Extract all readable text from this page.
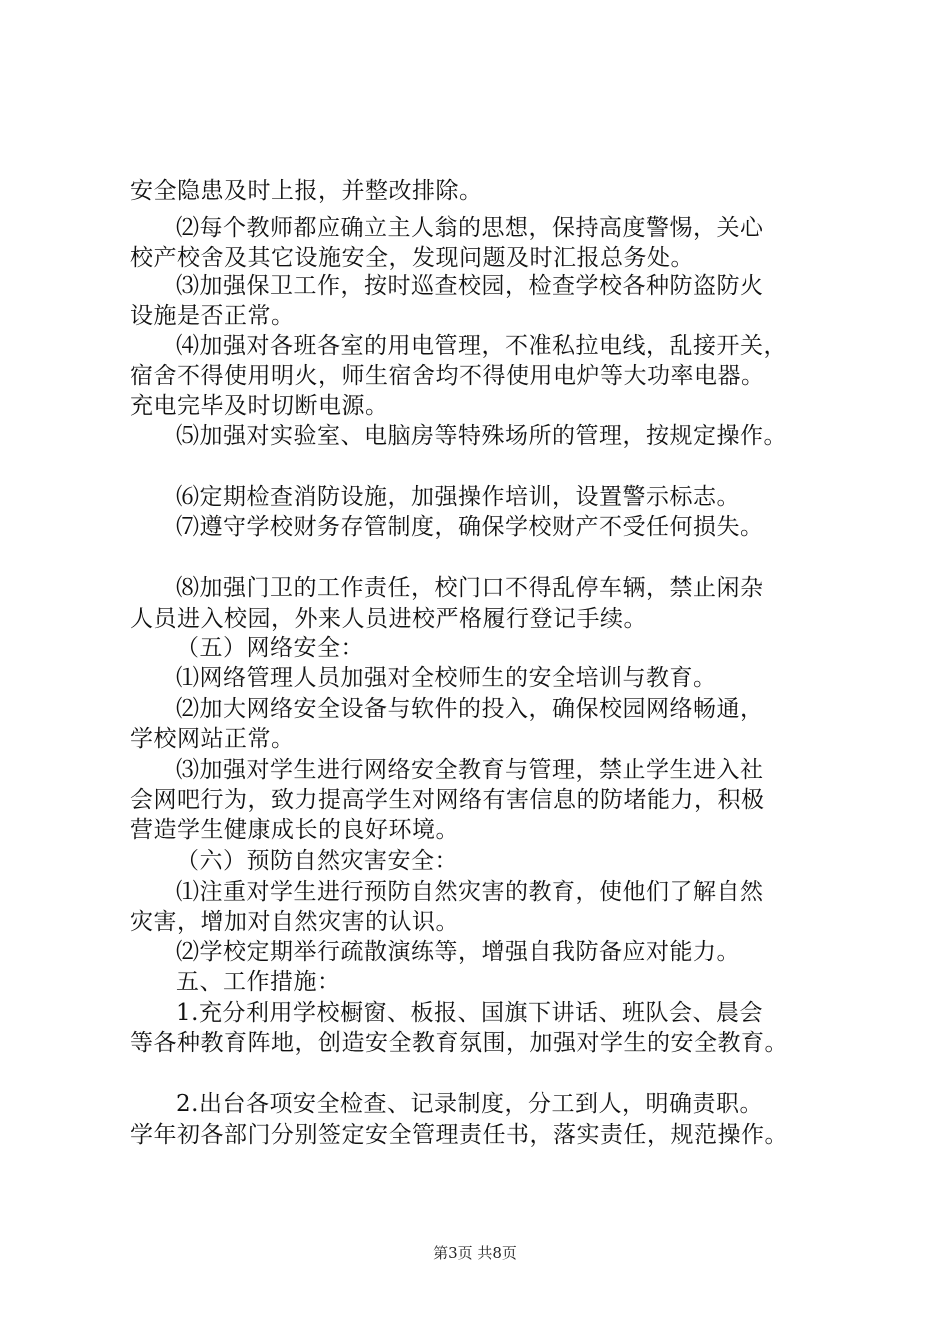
安全隐患及时上报，并整改排除。
⑵每个教师都应确立主人翁的思想，保持高度警惕，关心
校产校舍及其它设施安全，发现问题及时汇报总务处。
⑶加强保卫工作，按时巡查校园，检查学校各种防盗防火
设施是否正常。
⑷加强对各班各室的用电管理，不准私拉电线，乱接开关，
宿舍不得使用明火，师生宿舍均不得使用电炉等大功率电器。
充电完毕及时切断电源。
⑸加强对实验室、电脑房等特殊场所的管理，按规定操作。
⑹定期检查消防设施，加强操作培训，设置警示标志。
⑺遵守学校财务存管制度，确保学校财产不受任何损失。
⑻加强门卫的工作责任，校门口不得乱停车辆，禁止闲杂
人员进入校园，外来人员进校严格履行登记手续。
（五）网络安全：
⑴网络管理人员加强对全校师生的安全培训与教育。
⑵加大网络安全设备与软件的投入，确保校园网络畅通，
学校网站正常。
⑶加强对学生进行网络安全教育与管理，禁止学生进入社
会网吧行为，致力提高学生对网络有害信息的防堵能力，积极
营造学生健康成长的良好环境。
（六）预防自然灾害安全：
⑴注重对学生进行预防自然灾害的教育，使他们了解自然
灾害，增加对自然灾害的认识。
⑵学校定期举行疏散演练等，增强自我防备应对能力。
五、工作措施：
1.充分利用学校橱窗、板报、国旗下讲话、班队会、晨会
等各种教育阵地，创造安全教育氛围，加强对学生的安全教育。
2.出台各项安全检查、记录制度，分工到人，明确责职。
学年初各部门分别签定安全管理责任书，落实责任，规范操作。
第3页 共8页
